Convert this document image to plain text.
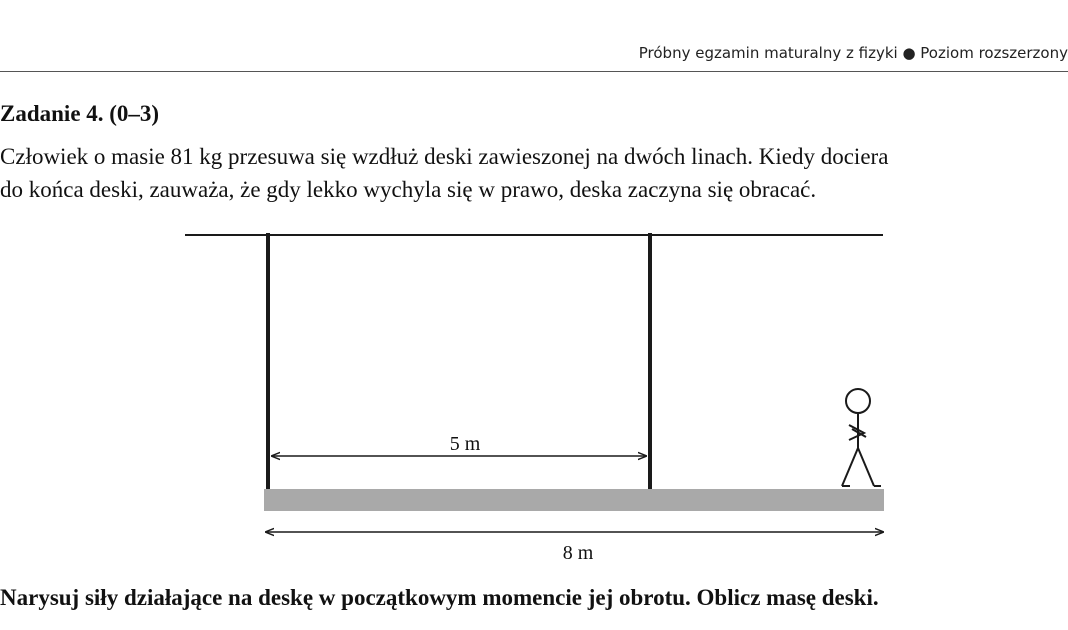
Próbny egzamin maturalny z fizyki ● Poziom rozszerzony
Zadanie 4. (0–3)
Człowiek o masie 81 kg przesuwa się wzdłuż deski zawieszonej na dwóch linach. Kiedy dociera
do końca deski, zauważa, że gdy lekko wychyla się w prawo, deska zaczyna się obracać.
5 m
8 m
Narysuj siły działające na deskę w początkowym momencie jej obrotu. Oblicz masę deski.
